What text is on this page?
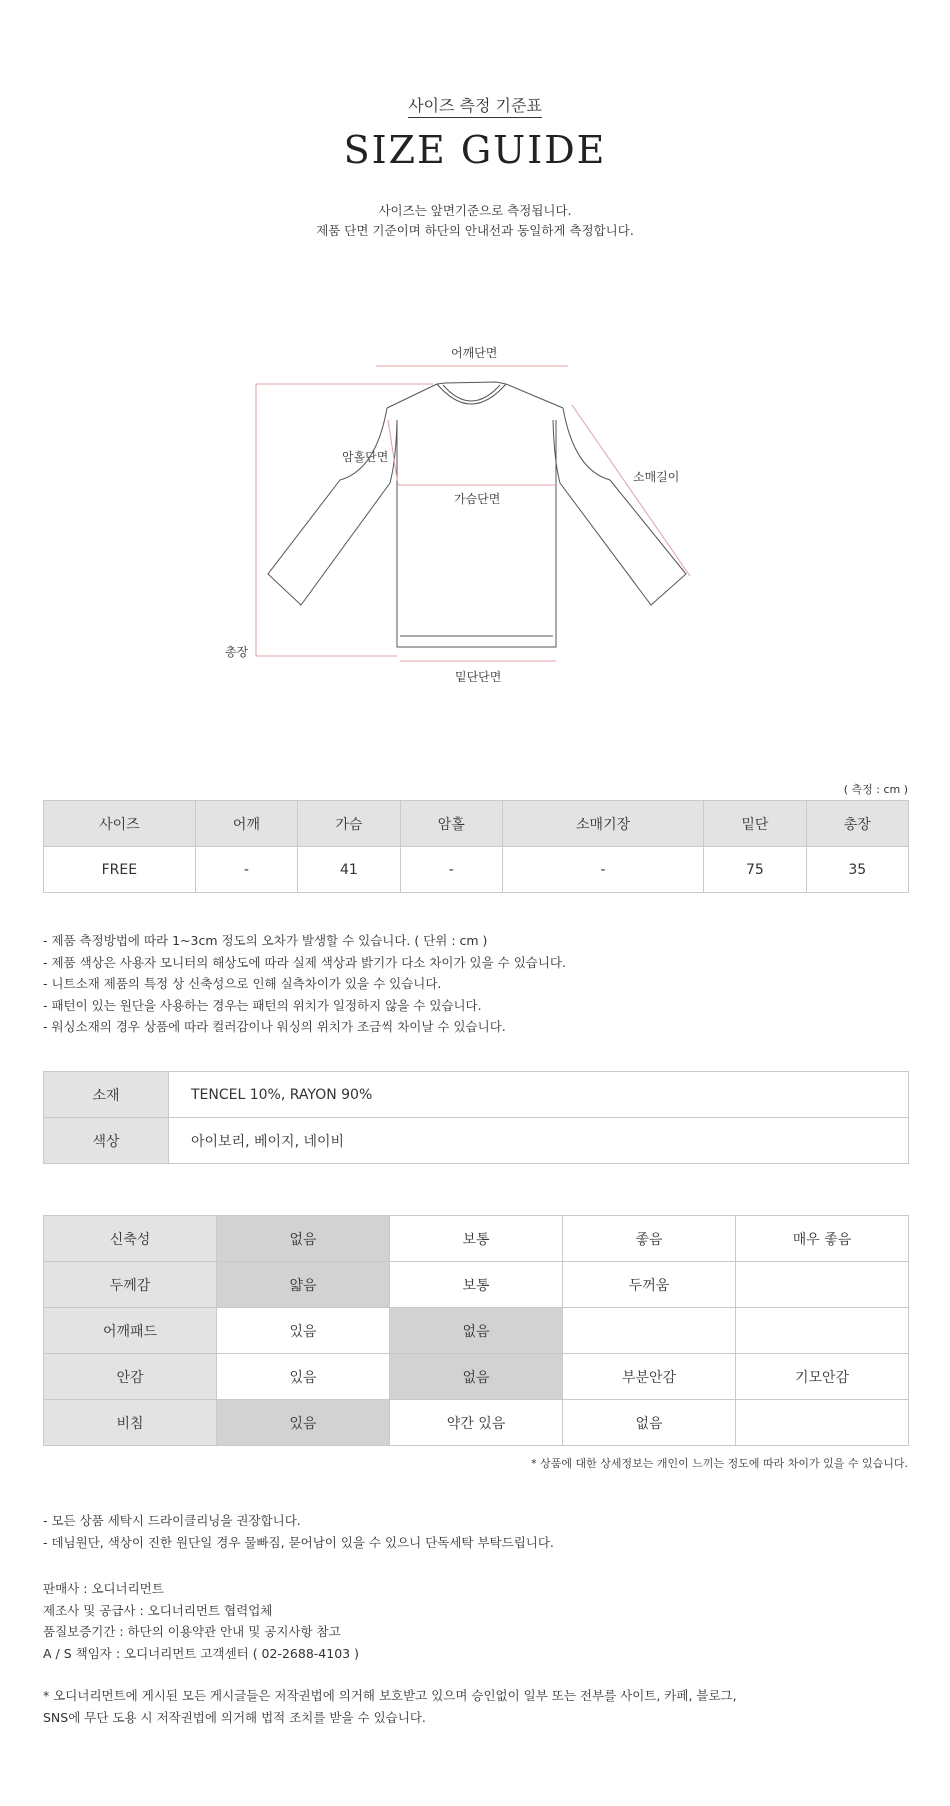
사이즈 측정 기준표
SIZE GUIDE
사이즈는 앞면기준으로 측정됩니다.
제품 단면 기준이며 하단의 안내선과 동일하게 측정합니다.
어깨단면
암홀단면
가슴단면
소매길이
총장
밑단단면
( 측정 : cm )
사이즈	어깨	가슴	암홀	소매기장	밑단	총장
FREE	-	41	-	-	75	35

- 제품 측정방법에 따라 1~3cm 정도의 오차가 발생할 수 있습니다. ( 단위 : cm )

- 제품 색상은 사용자 모니터의 해상도에 따라 실제 색상과 밝기가 다소 차이가 있을 수 있습니다.

- 니트소재 제품의 특정 상 신축성으로 인해 실측차이가 있을 수 있습니다.

- 패턴이 있는 원단을 사용하는 경우는 패턴의 위치가 일정하지 않을 수 있습니다.

- 워싱소재의 경우 상품에 따라 컬러감이나 워싱의 위치가 조금씩 차이날 수 있습니다.

소재	TENCEL 10%, RAYON 90%
색상	아이보리, 베이지, 네이비
신축성	없음	보통	좋음	매우 좋음
두께감	얇음	보통	두꺼움	
어깨패드	있음	없음		
안감	있음	없음	부분안감	기모안감
비침	있음	약간 있음	없음	
* 상품에 대한 상세정보는 개인이 느끼는 정도에 따라 차이가 있을 수 있습니다.

- 모든 상품 세탁시 드라이클리닝을 권장합니다.

- 데님원단, 색상이 진한 원단일 경우 물빠짐, 묻어남이 있을 수 있으니 단독세탁 부탁드립니다.

판매사 : 오디너리먼트

제조사 및 공급사 : 오디너리먼트 협력업체

품질보증기간 : 하단의 이용약관 안내 및 공지사항 참고

A / S 책임자 : 오디너리먼트 고객센터 ( 02-2688-4103 )

* 오디너리먼트에 게시된 모든 게시글들은 저작권법에 의거해 보호받고 있으며 승인없이 일부 또는 전부를 사이트, 카페, 블로그,

SNS에 무단 도용 시 저작권법에 의거해 법적 조치를 받을 수 있습니다.
